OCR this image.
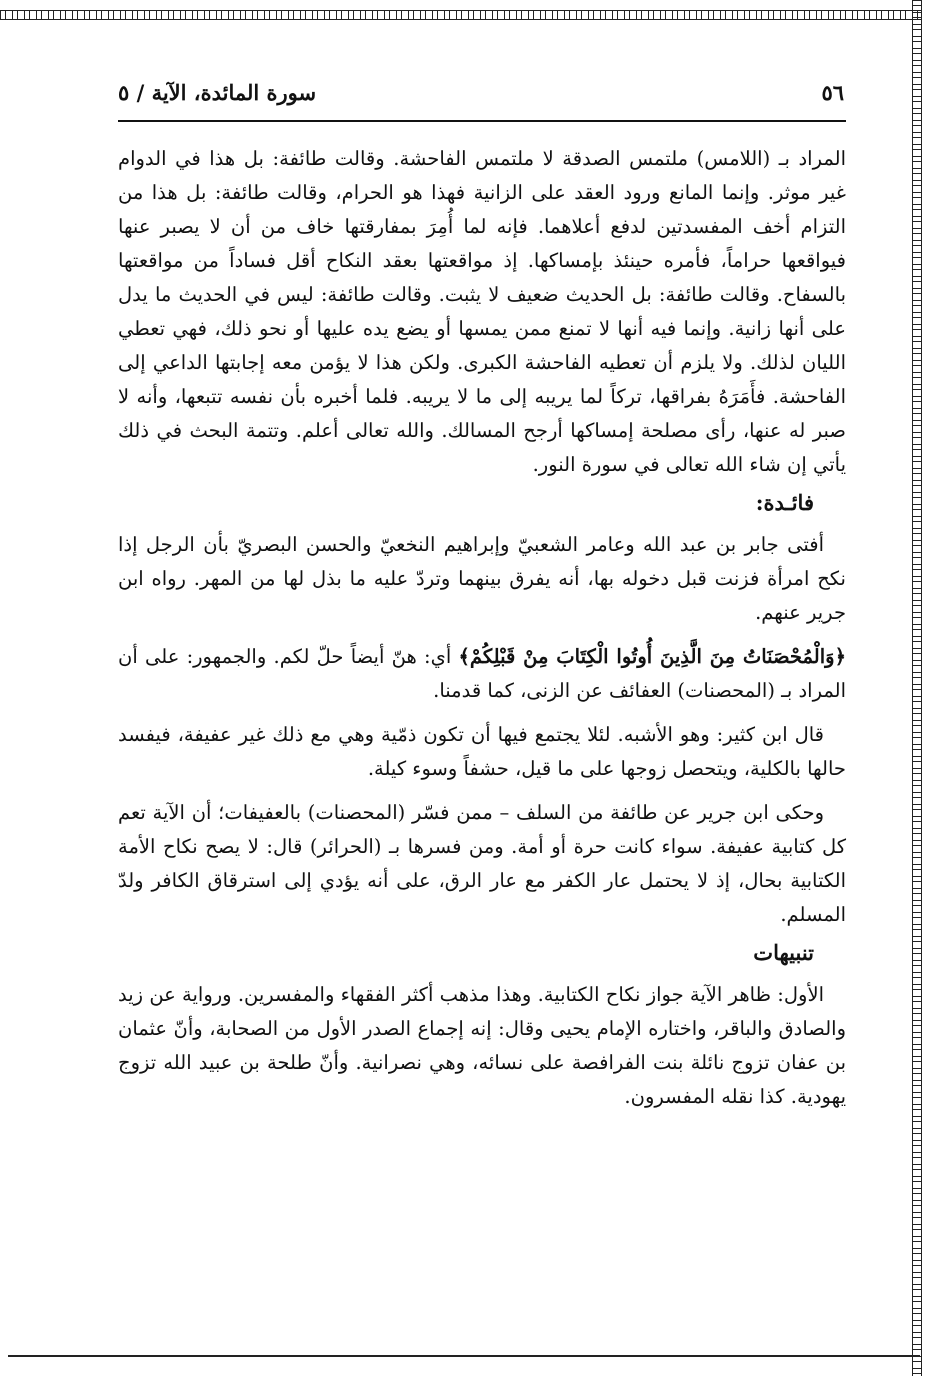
٥٦
سورة المائدة، الآية / ٥

المراد بـ (اللامس) ملتمس الصدقة لا ملتمس الفاحشة. وقالت طائفة: بل هذا في الدوام غير موثر. وإنما المانع ورود العقد على الزانية فهذا هو الحرام، وقالت طائفة: بل هذا من التزام أخف المفسدتين لدفع أعلاهما. فإنه لما أُمِرَ بمفارقتها خاف من أن لا يصبر عنها فيواقعها حراماً، فأمره حينئذ بإمساكها. إذ مواقعتها بعقد النكاح أقل فساداً من مواقعتها بالسفاح. وقالت طائفة: بل الحديث ضعيف لا يثبت. وقالت طائفة: ليس في الحديث ما يدل على أنها زانية. وإنما فيه أنها لا تمنع ممن يمسها أو يضع يده عليها أو نحو ذلك، فهي تعطي الليان لذلك. ولا يلزم أن تعطيه الفاحشة الكبرى. ولكن هذا لا يؤمن معه إجابتها الداعي إلى الفاحشة. فأَمَرَهُ بفراقها، تركاً لما يريبه إلى ما لا يريبه. فلما أخبره بأن نفسه تتبعها، وأنه لا صبر له عنها، رأى مصلحة إمساكها أرجح المسالك. والله تعالى أعلم. وتتمة البحث في ذلك يأتي إن شاء الله تعالى في سورة النور.

فائـدة:

أفتى جابر بن عبد الله وعامر الشعبيّ وإبراهيم النخعيّ والحسن البصريّ بأن الرجل إذا نكح امرأة فزنت قبل دخوله بها، أنه يفرق بينهما وتردّ عليه ما بذل لها من المهر. رواه ابن جرير عنهم.

﴿وَالْمُحْصَنَاتُ مِنَ الَّذِينَ أُوتُوا الْكِتَابَ مِنْ قَبْلِكُمْ﴾ أي: هنّ أيضاً حلّ لكم. والجمهور: على أن المراد بـ (المحصنات) العفائف عن الزنى، كما قدمنا.

قال ابن كثير: وهو الأشبه. لئلا يجتمع فيها أن تكون ذمّية وهي مع ذلك غير عفيفة، فيفسد حالها بالكلية، ويتحصل زوجها على ما قيل، حشفاً وسوء كيلة.

وحكى ابن جرير عن طائفة من السلف – ممن فسّر (المحصنات) بالعفيفات؛ أن الآية تعم كل كتابية عفيفة. سواء كانت حرة أو أمة. ومن فسرها بـ (الحرائر) قال: لا يصح نكاح الأمة الكتابية بحال، إذ لا يحتمل عار الكفر مع عار الرق، على أنه يؤدي إلى استرقاق الكافر ولدّ المسلم.

تنبيهات

الأول: ظاهر الآية جواز نكاح الكتابية. وهذا مذهب أكثر الفقهاء والمفسرين. ورواية عن زيد والصادق والباقر، واختاره الإمام يحيى وقال: إنه إجماع الصدر الأول من الصحابة، وأنّ عثمان بن عفان تزوج نائلة بنت الفرافصة على نسائه، وهي نصرانية. وأنّ طلحة بن عبيد الله تزوج يهودية. كذا نقله المفسرون.
